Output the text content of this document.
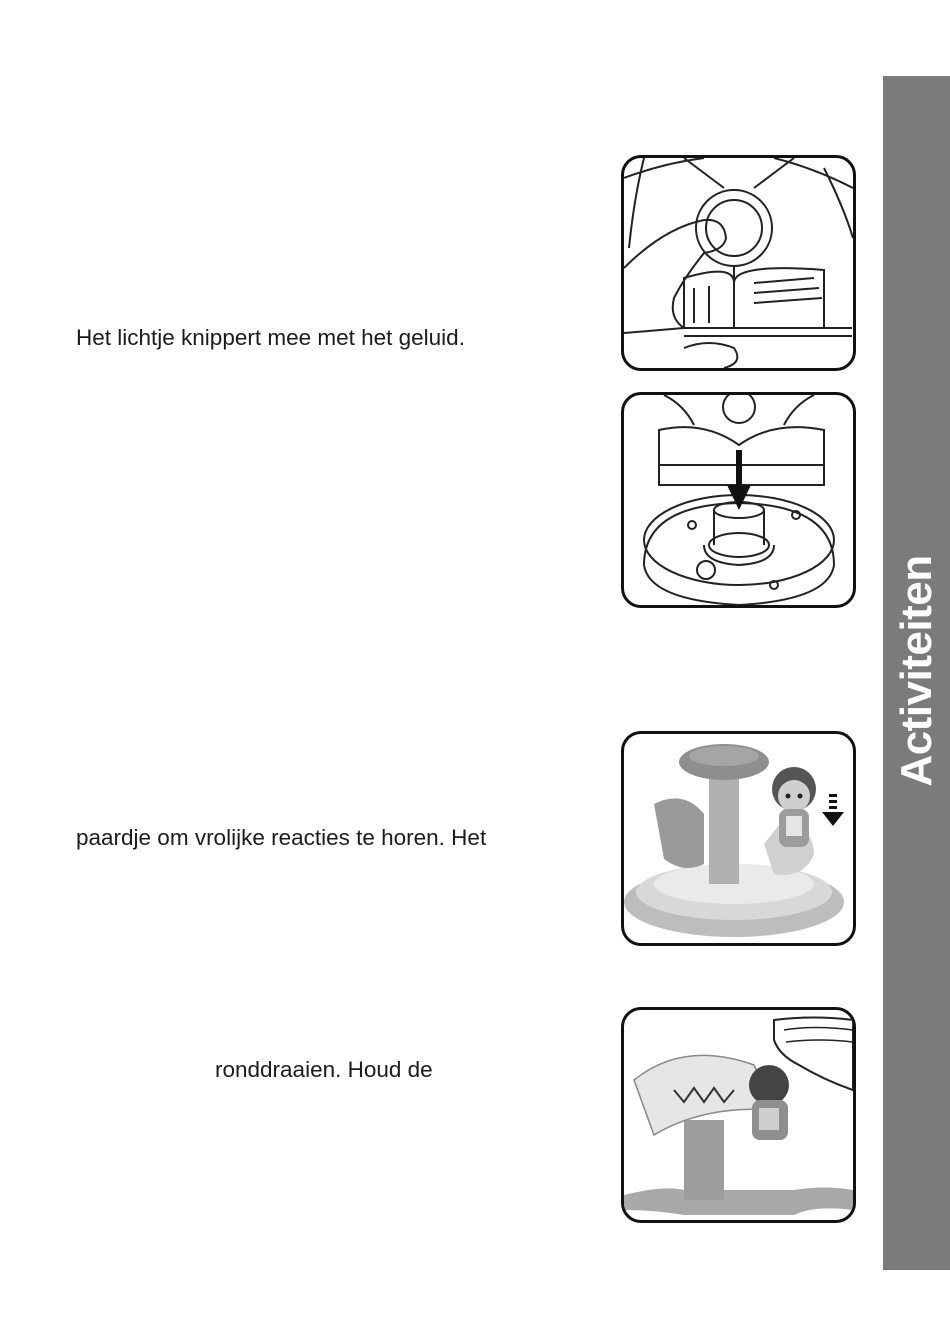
Het lichtje knippert mee met het geluid.
paardje om vrolijke reacties te horen. Het
ronddraaien. Houd de
Activiteiten
